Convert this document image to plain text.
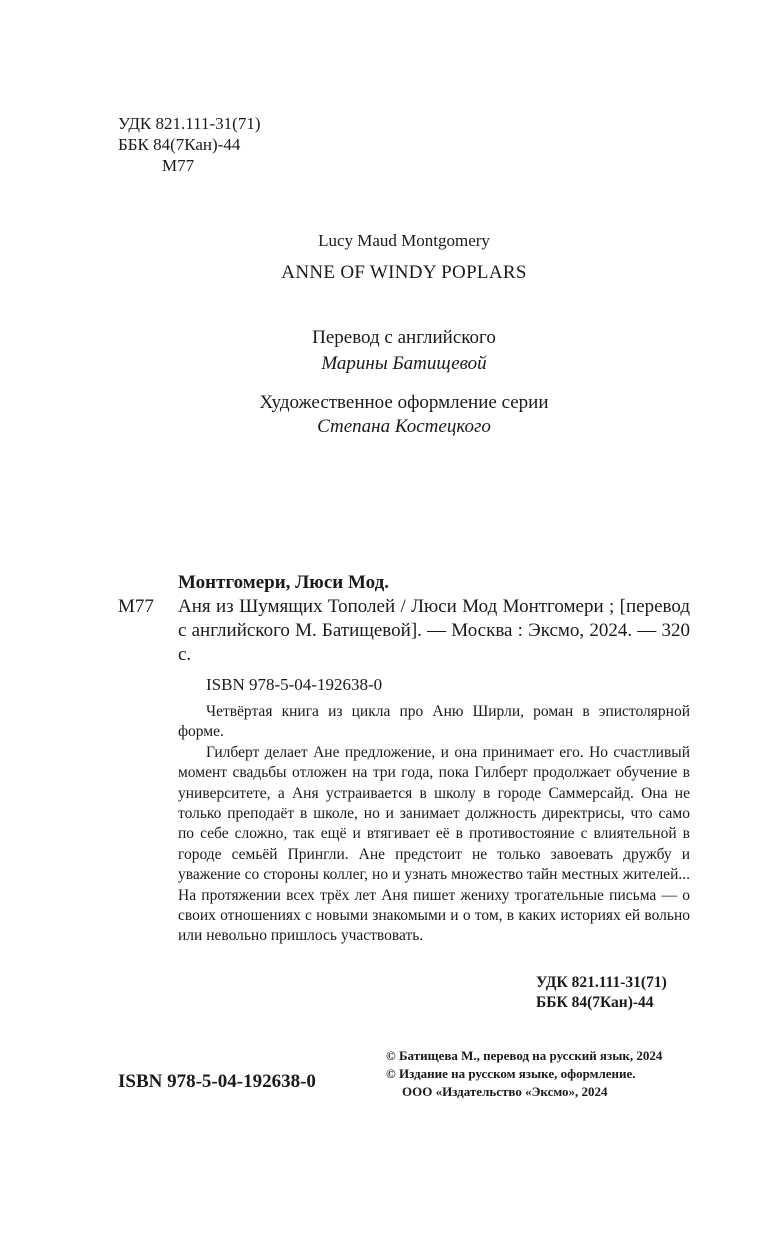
УДК 821.111-31(71)
ББК 84(7Кан)-44
М77
Lucy Maud Montgomery
ANNE OF WINDY POPLARS
Перевод с английского
Марины Батищевой
Художественное оформление серии
Степана Костецкого
Монтгомери, Люси Мод.
М77	Аня из Шумящих Тополей / Люси Мод Монтгомери ; [перевод с английского М. Батищевой]. — Москва : Эксмо, 2024. — 320 с.
ISBN 978-5-04-192638-0

Четвёртая книга из цикла про Аню Ширли, роман в эпистолярной форме.

Гилберт делает Ане предложение, и она принимает его. Но счастливый момент свадьбы отложен на три года, пока Гилберт продолжает обучение в университете, а Аня устраивается в школу в городе Саммерсайд. Она не только преподаёт в школе, но и занимает должность директрисы, что само по себе сложно, так ещё и втягивает её в противостояние с влиятельной в городе семьёй Прингли. Ане предстоит не только завоевать дружбу и уважение со стороны коллег, но и узнать множество тайн местных жителей... На протяжении всех трёх лет Аня пишет жениху трогательные письма — о своих отношениях с новыми знакомыми и о том, в каких историях ей вольно или невольно пришлось участвовать.

УДК 821.111-31(71)
ББК 84(7Кан)-44
© Батищева М., перевод на русский язык, 2024
© Издание на русском языке, оформление.
ООО «Издательство «Эксмо», 2024
ISBN 978-5-04-192638-0
